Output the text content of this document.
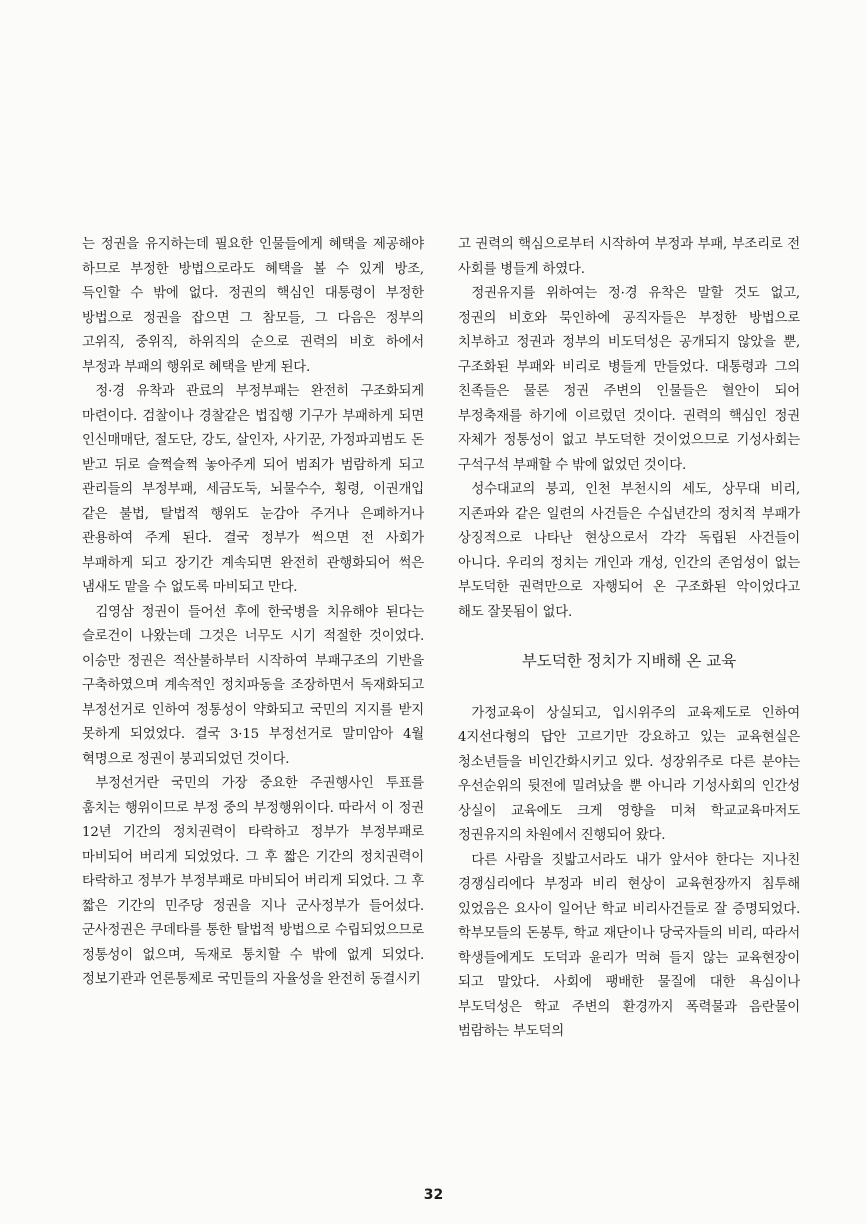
는 정권을 유지하는데 필요한 인물들에게 혜택을 제공해야 하므로 부정한 방법으로라도 혜택을 볼 수 있게 방조, 득인할 수 밖에 없다. 정권의 핵심인 대통령이 부정한 방법으로 정권을 잡으면 그 참모들, 그 다음은 정부의 고위직, 중위직, 하위직의 순으로 권력의 비호 하에서 부정과 부패의 행위로 혜택을 받게 된다.

정·경 유착과 관료의 부정부패는 완전히 구조화되게 마련이다. 검찰이나 경찰같은 법집행 기구가 부패하게 되면 인신매매단, 절도단, 강도, 살인자, 사기꾼, 가정파괴범도 돈 받고 뒤로 슬쩍슬쩍 놓아주게 되어 범죄가 범람하게 되고 관리들의 부정부패, 세금도둑, 뇌물수수, 횡령, 이권개입 같은 불법, 탈법적 행위도 눈감아 주거나 은폐하거나 관용하여 주게 된다. 결국 정부가 썩으면 전 사회가 부패하게 되고 장기간 계속되면 완전히 관행화되어 썩은 냄새도 맡을 수 없도록 마비되고 만다.

김영삼 정권이 들어선 후에 한국병을 치유해야 된다는 슬로건이 나왔는데 그것은 너무도 시기 적절한 것이었다. 이승만 정권은 적산불하부터 시작하여 부패구조의 기반을 구축하였으며 계속적인 정치파동을 조장하면서 독재화되고 부정선거로 인하여 정통성이 약화되고 국민의 지지를 받지 못하게 되었었다. 결국 3·15 부정선거로 말미암아 4월 혁명으로 정권이 붕괴되었던 것이다.

부정선거란 국민의 가장 중요한 주권행사인 투표를 훔치는 행위이므로 부정 중의 부정행위이다. 따라서 이 정권 12년 기간의 정치권력이 타락하고 정부가 부정부패로 마비되어 버리게 되었었다. 그 후 짧은 기간의 정치권력이 타락하고 정부가 부정부패로 마비되어 버리게 되었다. 그 후 짧은 기간의 민주당 정권을 지나 군사정부가 들어섰다. 군사정권은 쿠데타를 통한 탈법적 방법으로 수립되었으므로 정통성이 없으며, 독재로 통치할 수 밖에 없게 되었다. 정보기관과 언론통제로 국민들의 자율성을 완전히 동결시키

고 권력의 핵심으로부터 시작하여 부정과 부패, 부조리로 전 사회를 병들게 하였다.

정권유지를 위하여는 정·경 유착은 말할 것도 없고, 정권의 비호와 묵인하에 공직자들은 부정한 방법으로 치부하고 정권과 정부의 비도덕성은 공개되지 않았을 뿐, 구조화된 부패와 비리로 병들게 만들었다. 대통령과 그의 친족들은 물론 정권 주변의 인물들은 혈안이 되어 부정축재를 하기에 이르렀던 것이다. 권력의 핵심인 정권 자체가 정통성이 없고 부도덕한 것이었으므로 기성사회는 구석구석 부패할 수 밖에 없었던 것이다.

성수대교의 붕괴, 인천 부천시의 세도, 상무대 비리, 지존파와 같은 일련의 사건들은 수십년간의 정치적 부패가 상징적으로 나타난 현상으로서 각각 독립된 사건들이 아니다. 우리의 정치는 개인과 개성, 인간의 존엄성이 없는 부도덕한 권력만으로 자행되어 온 구조화된 악이었다고 해도 잘못됨이 없다.

부도덕한 정치가 지배해 온 교육

가정교육이 상실되고, 입시위주의 교육제도로 인하여 4지선다형의 답안 고르기만 강요하고 있는 교육현실은 청소년들을 비인간화시키고 있다. 성장위주로 다른 분야는 우선순위의 뒷전에 밀려났을 뿐 아니라 기성사회의 인간성 상실이 교육에도 크게 영향을 미쳐 학교교육마저도 정권유지의 차원에서 진행되어 왔다.

다른 사람을 짓밟고서라도 내가 앞서야 한다는 지나친 경쟁심리에다 부정과 비리 현상이 교육현장까지 침투해 있었음은 요사이 일어난 학교 비리사건들로 잘 증명되었다. 학부모들의 돈봉투, 학교 재단이나 당국자들의 비리, 따라서 학생들에게도 도덕과 윤리가 먹혀 들지 않는 교육현장이 되고 말았다. 사회에 팽배한 물질에 대한 욕심이나 부도덕성은 학교 주변의 환경까지 폭력물과 음란물이 범람하는 부도덕의

32
